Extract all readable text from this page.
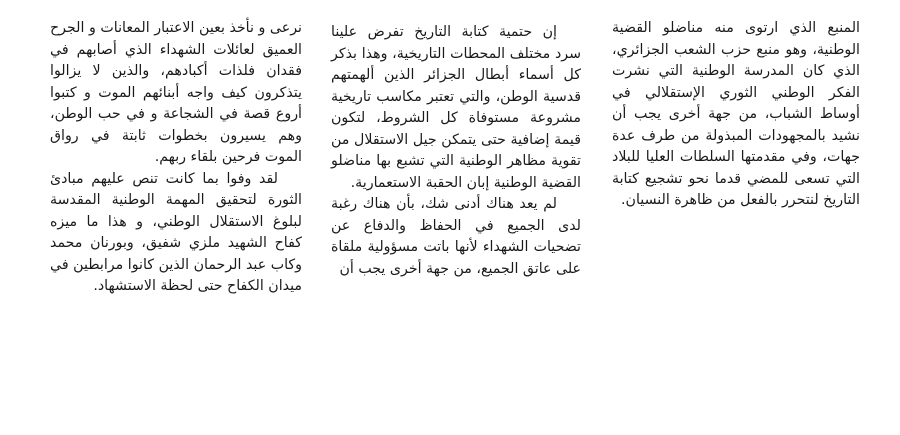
المنبع الذي ارتوى منه مناضلو القضية الوطنية، وهو منبع حزب الشعب الجزائري، الذي كان المدرسة الوطنية التي نشرت الفكر الوطني الثوري الإستقلالي في أوساط الشباب، من جهة أخرى يجب أن نشيد بالمجهودات المبذولة من طرف عدة جهات، وفي مقدمتها السلطات العليا للبلاد التي تسعى للمضي قدما نحو تشجيع كتابة التاريخ لنتحرر بالفعل من ظاهرة النسيان.

إن حتمية كتابة التاريخ تفرض علينا سرد مختلف المحطات التاريخية، وهذا بذكر كل أسماء أبطال الجزائر الذين ألهمتهم قدسية الوطن، والتي تعتبر مكاسب تاريخية مشروعة مستوفاة كل الشروط، لتكون قيمة إضافية حتى يتمكن جيل الاستقلال من تقوية مظاهر الوطنية التي تشبع بها مناضلو القضية الوطنية إبان الحقبة الاستعمارية.

لم يعد هناك أدنى شك، بأن هناك رغبة لدى الجميع في الحفاظ والدفاع عن تضحيات الشهداء لأنها باتت مسؤولية ملقاة على عاتق الجميع، من جهة أخرى يجب أن

نرعى و نأخذ بعين الاعتبار المعانات و الجرح العميق لعائلات الشهداء الذي أصابهم في فقدان فلذات أكبادهم، والذين لا يزالوا يتذكرون كيف واجه أبنائهم الموت و كتبوا أروع قصة في الشجاعة و في حب الوطن، وهم يسيرون بخطوات ثابتة في رواق الموت فرحين بلقاء ربهم.

لقد وفوا بما كانت تنص عليهم مبادئ الثورة لتحقيق المهمة الوطنية المقدسة لبلوغ الاستقلال الوطني، و هذا ما ميزه كفاح الشهيد ملزي شفيق، وبورنان محمد وكاب عبد الرحمان الذين كانوا مرابطين في ميدان الكفاح حتى لحظة الاستشهاد.
